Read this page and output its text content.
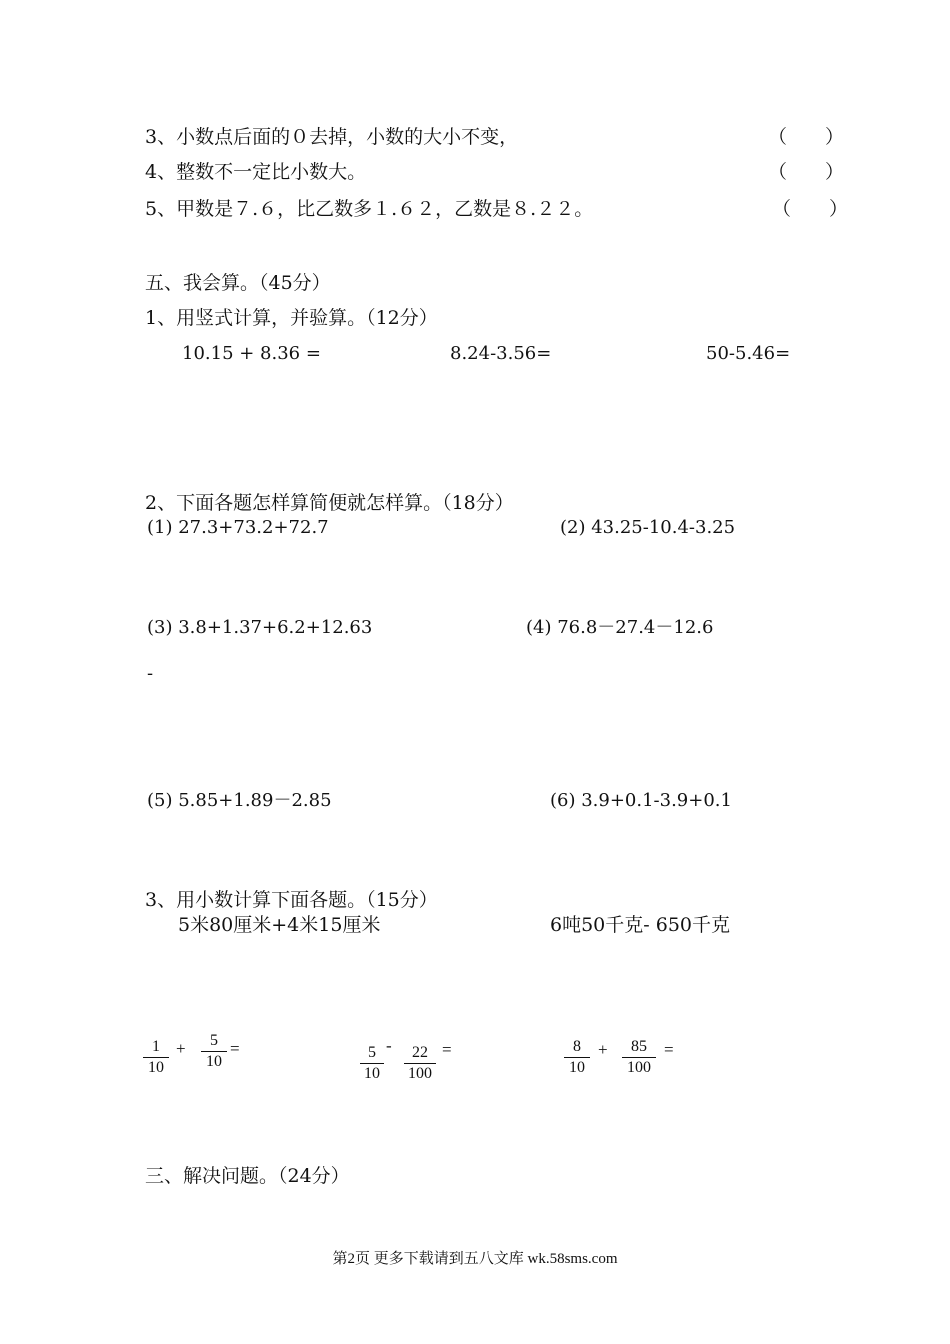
3、小数点后面的０去掉，小数的大小不变，	（　　）
4、整数不一定比小数大。	（　　）
5、甲数是７.６，比乙数多１.６２，乙数是８.２２。	（　　）
五、我会算。（45分）
1、用竖式计算，并验算。（12分）
10.15 + 8.36 =	8.24-3.56=	50-5.46=
2、下面各题怎样算简便就怎样算。（18分）
(1) 27.3+73.2+72.7	(2) 43.25-10.4-3.25
(3) 3.8+1.37+6.2+12.63	(4) 76.8－27.4－12.6
-
(5) 5.85+1.89－2.85	(6) 3.9+0.1-3.9+0.1
3、用小数计算下面各题。（15分）
5米80厘米+4米15厘米	6吨50千克- 650千克
1
10
+	5
10
=	5
10
-	22
100
=	8
10
+	85
100
=
三、解决问题。（24分）
第2页 更多下载请到五八文库 wk.58sms.com
